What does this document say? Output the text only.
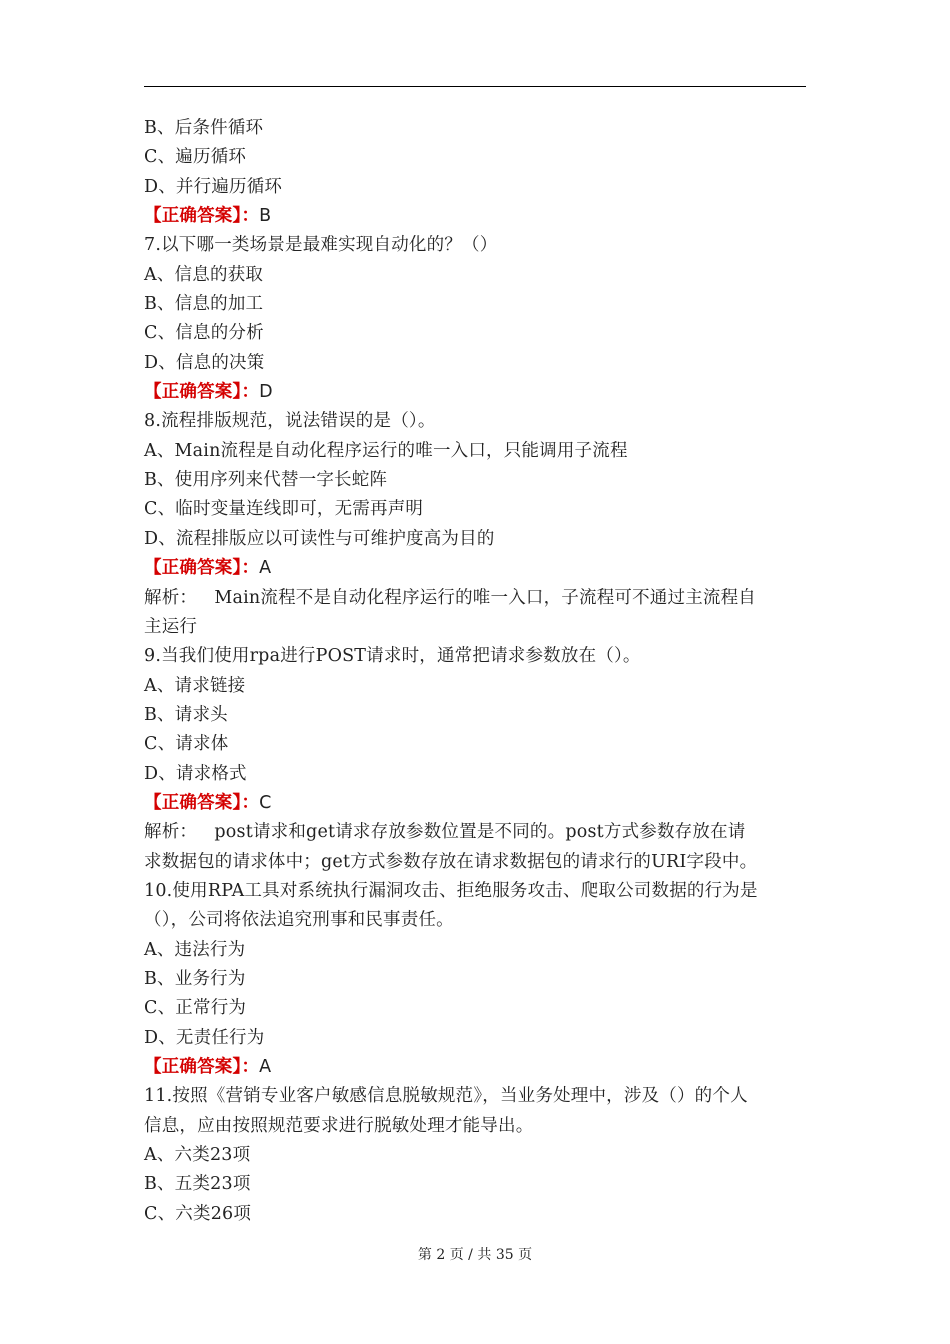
B、后条件循环
C、遍历循环
D、并行遍历循环
【正确答案】：B
7.以下哪一类场景是最难实现自动化的？（）
A、信息的获取
B、信息的加工
C、信息的分析
D、信息的决策
【正确答案】：D
8.流程排版规范，说法错误的是（）。
A、Main流程是自动化程序运行的唯一入口，只能调用子流程
B、使用序列来代替一字长蛇阵
C、临时变量连线即可，无需再声明
D、流程排版应以可读性与可维护度高为目的
【正确答案】：A
解析：   Main流程不是自动化程序运行的唯一入口，子流程可不通过主流程自
主运行
9.当我们使用rpa进行POST请求时，通常把请求参数放在（）。
A、请求链接
B、请求头
C、请求体
D、请求格式
【正确答案】：C
解析：   post请求和get请求存放参数位置是不同的。post方式参数存放在请
求数据包的请求体中；get方式参数存放在请求数据包的请求行的URI字段中。
10.使用RPA工具对系统执行漏洞攻击、拒绝服务攻击、爬取公司数据的行为是
（），公司将依法追究刑事和民事责任。
A、违法行为
B、业务行为
C、正常行为
D、无责任行为
【正确答案】：A
11.按照《营销专业客户敏感信息脱敏规范》，当业务处理中，涉及（）的个人
信息，应由按照规范要求进行脱敏处理才能导出。
A、六类23项
B、五类23项
C、六类26项
第 2 页 / 共 35 页
